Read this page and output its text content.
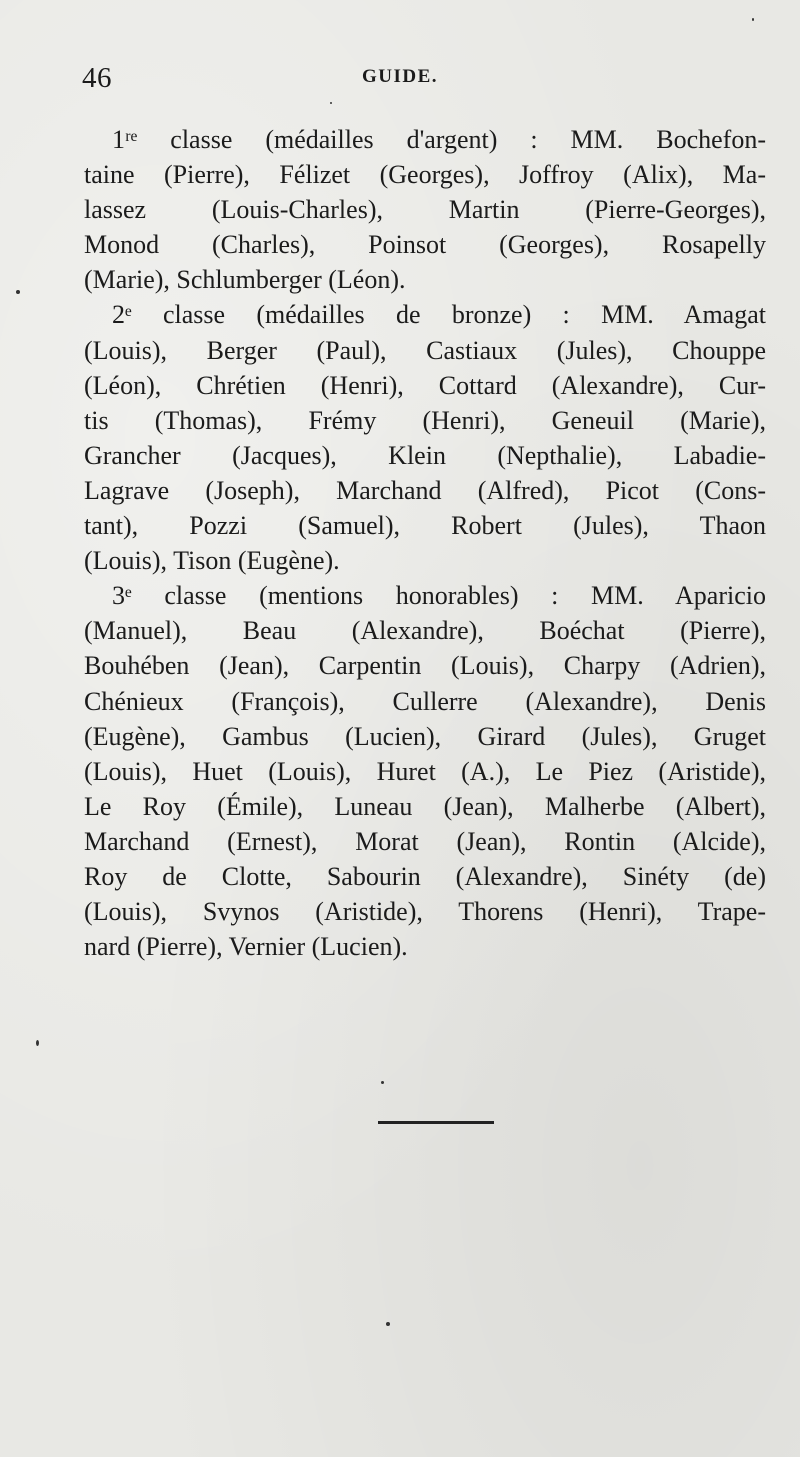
46	GUIDE.
1ʳᵉ classe (médailles d'argent) : MM. Bochefon-
taine (Pierre), Félizet (Georges), Joffroy (Alix), Ma-
lassez (Louis-Charles), Martin (Pierre-Georges),
Monod (Charles), Poinsot (Georges), Rosapelly
(Marie), Schlumberger (Léon).
2ᵉ classe (médailles de bronze) : MM. Amagat
(Louis), Berger (Paul), Castiaux (Jules), Chouppe
(Léon), Chrétien (Henri), Cottard (Alexandre), Cur-
tis (Thomas), Frémy (Henri), Geneuil (Marie),
Grancher (Jacques), Klein (Nepthalie), Labadie-
Lagrave (Joseph), Marchand (Alfred), Picot (Cons-
tant), Pozzi (Samuel), Robert (Jules), Thaon
(Louis), Tison (Eugène).
3ᵉ classe (mentions honorables) : MM. Aparicio
(Manuel), Beau (Alexandre), Boéchat (Pierre),
Bouhében (Jean), Carpentin (Louis), Charpy (Adrien),
Chénieux (François), Cullerre (Alexandre), Denis
(Eugène), Gambus (Lucien), Girard (Jules), Gruget
(Louis), Huet (Louis), Huret (A.), Le Piez (Aristide),
Le Roy (Émile), Luneau (Jean), Malherbe (Albert),
Marchand (Ernest), Morat (Jean), Rontin (Alcide),
Roy de Clotte, Sabourin (Alexandre), Sinéty (de)
(Louis), Svynos (Aristide), Thorens (Henri), Trape-
nard (Pierre), Vernier (Lucien).
